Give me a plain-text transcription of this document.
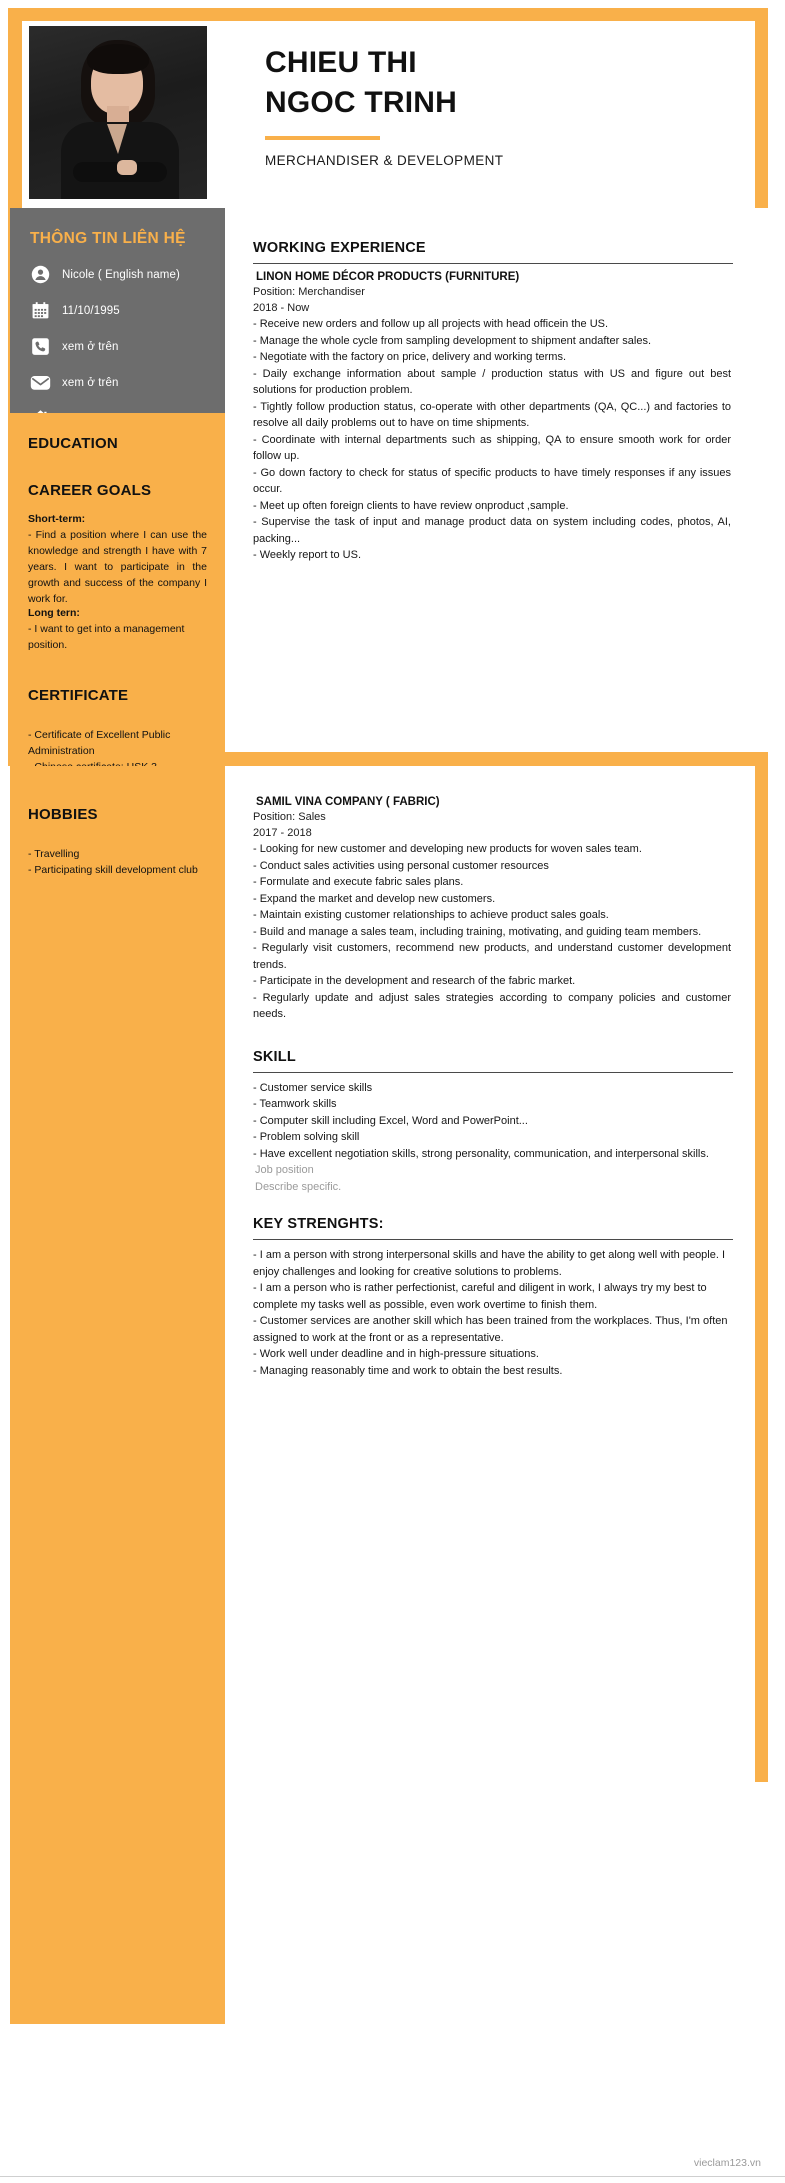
CHIEU THI
NGOC TRINH
MERCHANDISER & DEVELOPMENT
THÔNG TIN LIÊN HỆ
Nicole ( English name)
11/10/1995
xem ở trên
xem ở trên
EDUCATION
CAREER GOALS
Short-term:
- Find a position where I can use the knowledge and strength I have with 7 years. I want to participate in the growth and success of the company I work for.
Long tern:
- I want to get into a management position.
CERTIFICATE
- Certificate of Excellent Public Administration
HOBBIES
- Travelling
- Participating skill development club
WORKING EXPERIENCE
LINON HOME DÉCOR PRODUCTS (FURNITURE)
Position: Merchandiser
2018 - Now
- Receive new orders and follow up all projects with head officein the US.
- Manage the whole cycle from sampling development to shipment andafter sales.
- Negotiate with the factory on price, delivery and working terms.
- Daily exchange information about sample / production status with US and figure out best solutions for production problem.
- Tightly follow production status, co-operate with other departments (QA, QC...) and factories to resolve all daily problems out to have on time shipments.
- Coordinate with internal departments such as shipping, QA to ensure smooth work for order follow up.
- Go down factory to check for status of specific products to have timely responses if any issues occur.
- Meet up often foreign clients to have review onproduct ,sample.
- Supervise the task of input and manage product data on system including codes, photos, AI, packing...
- Weekly report to US.
SAMIL VINA COMPANY ( FABRIC)
Position: Sales
2017 - 2018
- Looking for new customer and developing new products for woven sales team.
- Conduct sales activities using personal customer resources
- Formulate and execute fabric sales plans.
- Expand the market and develop new customers.
- Maintain existing customer relationships to achieve product sales goals.
- Build and manage a sales team, including training, motivating, and guiding team members.
- Regularly visit customers, recommend new products, and understand customer development trends.
- Participate in the development and research of the fabric market.
- Regularly update and adjust sales strategies according to company policies and customer needs.
SKILL
- Customer service skills
- Teamwork skills
- Computer skill including Excel, Word and PowerPoint...
- Problem solving skill
- Have excellent negotiation skills, strong personality, communication, and interpersonal skills.
Job position
Describe specific.
KEY STRENGHTS:
- I am a person with strong interpersonal skills and have the ability to get along well with people. I enjoy challenges and looking for creative solutions to problems.
- I am a person who is rather perfectionist, careful and diligent in work, I always try my best to complete my tasks well as possible, even work overtime to finish them.
- Customer services are another skill which has been trained from the workplaces. Thus, I'm often assigned to work at the front or as a representative.
- Work well under deadline and in high-pressure situations.
- Managing reasonably time and work to obtain the best results.
vieclam123.vn
